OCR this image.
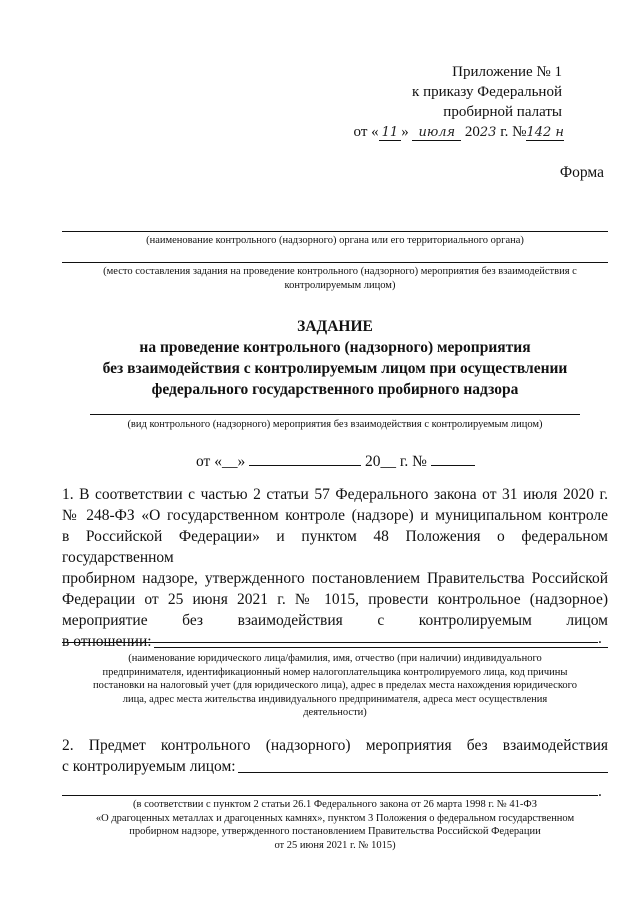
Приложение № 1
к приказу Федеральной
пробирной палаты
от « 11 » июля 2023 г. №142 н
Форма
(наименование контрольного (надзорного) органа или его территориального органа)
(место составления задания на проведение контрольного (надзорного) мероприятия без взаимодействия с контролируемым лицом)
ЗАДАНИЕ
на проведение контрольного (надзорного) мероприятия
без взаимодействия с контролируемым лицом при осуществлении
федерального государственного пробирного надзора
(вид контрольного (надзорного) мероприятия без взаимодействия с контролируемым лицом)
от «__»	20__ г. №
1. В соответствии с частью 2 статьи 57 Федерального закона от 31 июля 2020 г.
№ 248-ФЗ «О государственном контроле (надзоре) и муниципальном контроле
в Российской Федерации» и пунктом 48 Положения о федеральном государственном
пробирном надзоре, утвержденного постановлением Правительства Российской
Федерации от 25 июня 2021 г. № 1015, провести контрольное (надзорное)
мероприятие без взаимодействия с контролируемым лицом
в отношении:	.
(наименование юридического лица/фамилия, имя, отчество (при наличии) индивидуального
предпринимателя, идентификационный номер налогоплательщика контролируемого лица, код причины
постановки на налоговый учет (для юридического лица), адрес в пределах места нахождения юридического
лица, адрес места жительства индивидуального предпринимателя, адреса мест осуществления
деятельности)
2. Предмет контрольного (надзорного) мероприятия без взаимодействия
с контролируемым лицом:
.
(в соответствии с пунктом 2 статьи 26.1 Федерального закона от 26 марта 1998 г. № 41-ФЗ
«О драгоценных металлах и драгоценных камнях», пунктом 3 Положения о федеральном государственном
пробирном надзоре, утвержденного постановлением Правительства Российской Федерации
от 25 июня 2021 г. № 1015)
